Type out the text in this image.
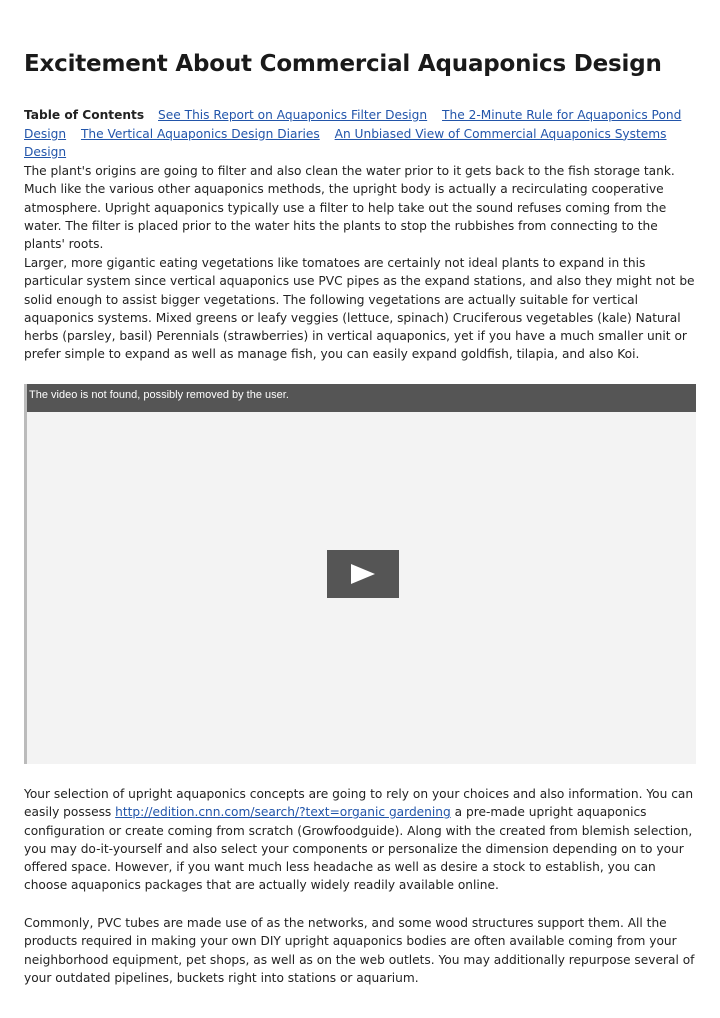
Excitement About Commercial Aquaponics Design
Table of Contents See This Report on Aquaponics Filter Design The 2-Minute Rule for Aquaponics Pond Design The Vertical Aquaponics Design Diaries An Unbiased View of Commercial Aquaponics Systems Design

The plant's origins are going to filter and also clean the water prior to it gets back to the fish storage tank. Much like the various other aquaponics methods, the upright body is actually a recirculating cooperative atmosphere. Upright aquaponics typically use a filter to help take out the sound refuses coming from the water. The filter is placed prior to the water hits the plants to stop the rubbishes from connecting to the plants' roots.

Larger, more gigantic eating vegetations like tomatoes are certainly not ideal plants to expand in this particular system since vertical aquaponics use PVC pipes as the expand stations, and also they might not be solid enough to assist bigger vegetations. The following vegetations are actually suitable for vertical aquaponics systems. Mixed greens or leafy veggies (lettuce, spinach) Cruciferous vegetables (kale) Natural herbs (parsley, basil) Perennials (strawberries) in vertical aquaponics, yet if you have a much smaller unit or prefer simple to expand as well as manage fish, you can easily expand goldfish, tilapia, and also Koi.

Your selection of upright aquaponics concepts are going to rely on your choices and also information. You can easily possess http://edition.cnn.com/search/?text=organic gardening a pre-made upright aquaponics configuration or create coming from scratch (Growfoodguide). Along with the created from blemish selection, you may do-it-yourself and also select your components or personalize the dimension depending on to your offered space. However, if you want much less headache as well as desire a stock to establish, you can choose aquaponics packages that are actually widely readily available online.

Commonly, PVC tubes are made use of as the networks, and some wood structures support them. All the products required in making your own DIY upright aquaponics bodies are often available coming from your neighborhood equipment, pet shops, as well as on the web outlets. You may additionally repurpose several of your outdated pipelines, buckets right into stations or aquarium.

The video is not found, possibly removed by the user.
